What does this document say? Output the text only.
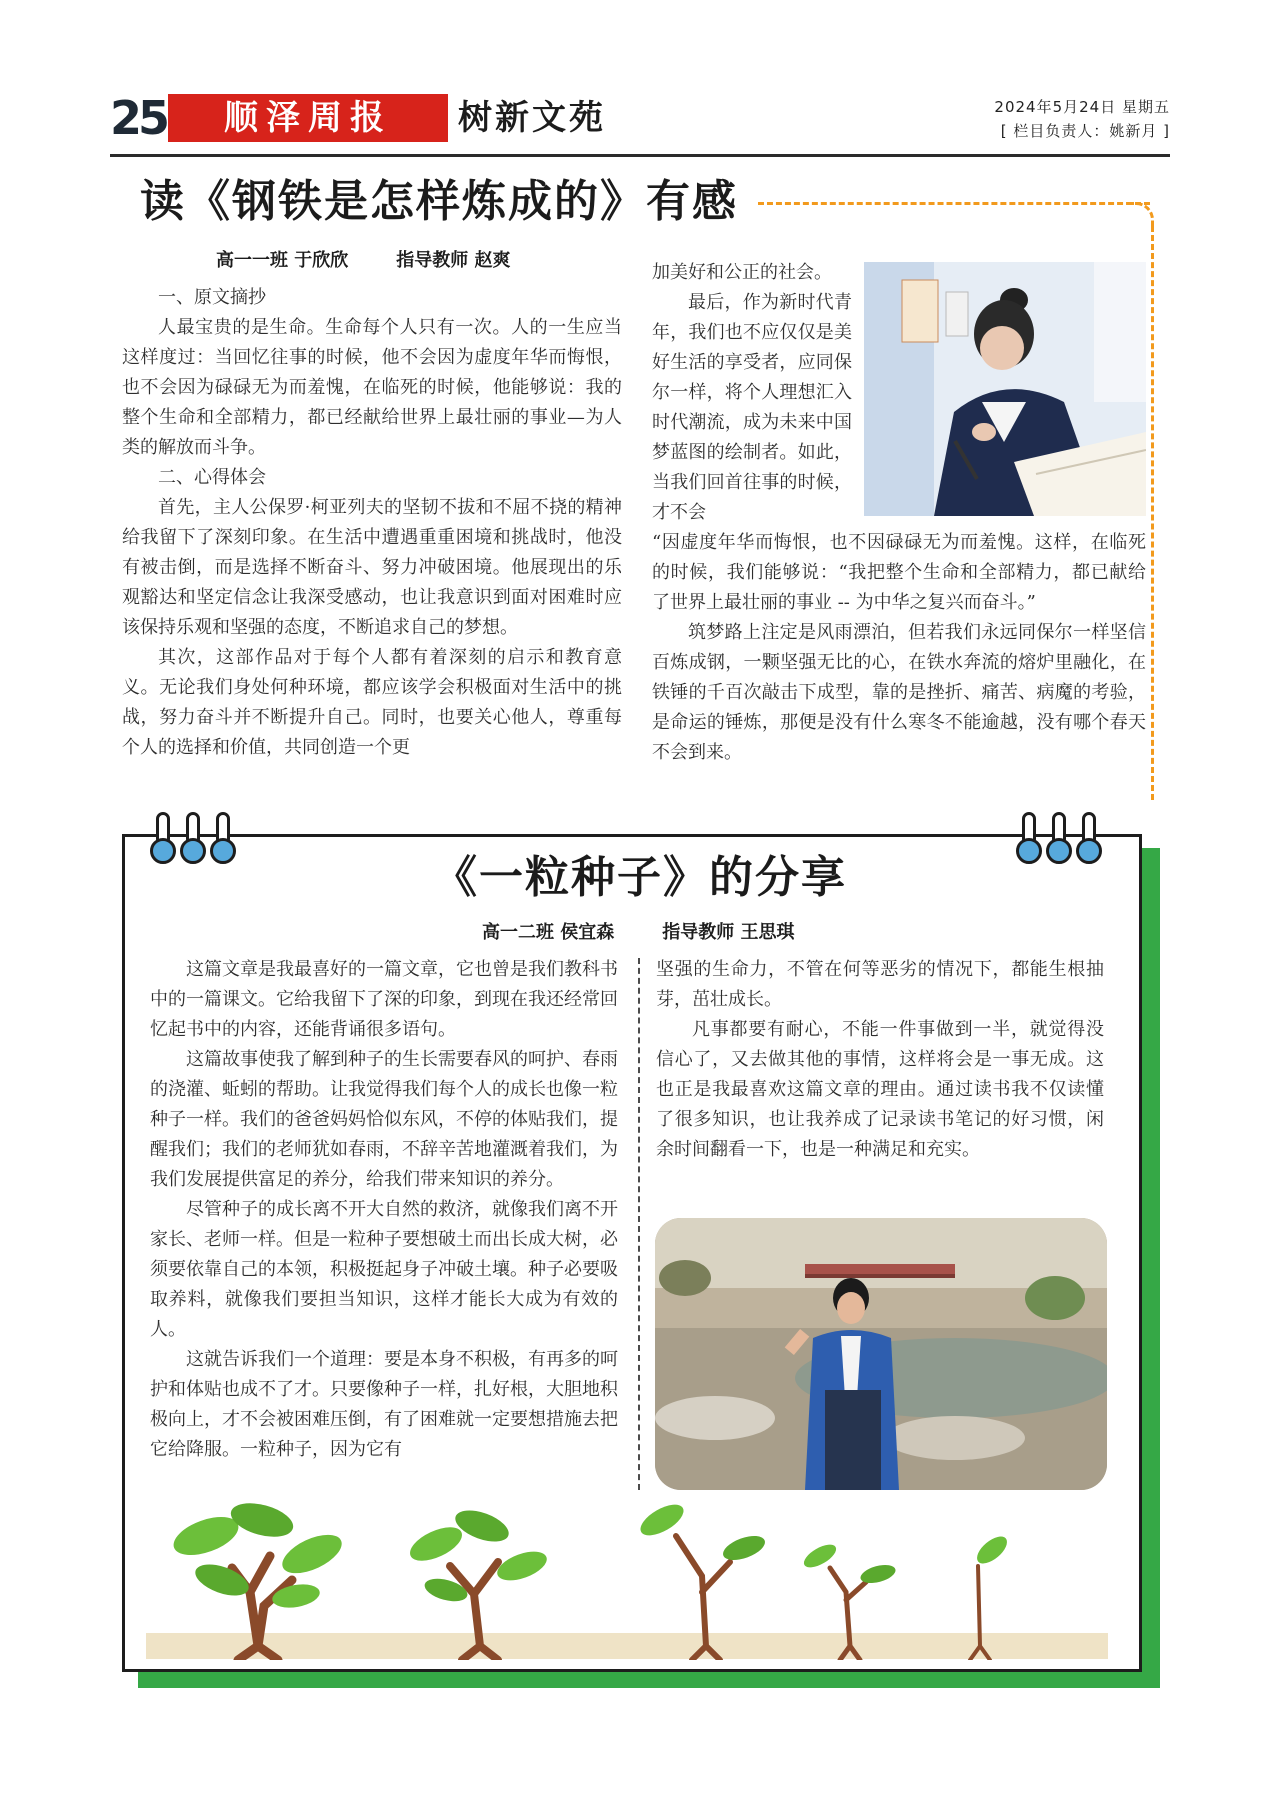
25	顺泽周报	树新文苑	2024年5月24日 星期五
[ 栏目负责人：姚新月 ]
读《钢铁是怎样炼成的》有感
高一一班 于欣欣	指导教师 赵爽

一、原文摘抄

人最宝贵的是生命。生命每个人只有一次。人的一生应当这样度过：当回忆往事的时候，他不会因为虚度年华而悔恨，也不会因为碌碌无为而羞愧，在临死的时候，他能够说：我的整个生命和全部精力，都已经献给世界上最壮丽的事业—为人类的解放而斗争。

二、心得体会

首先，主人公保罗·柯亚列夫的坚韧不拔和不屈不挠的精神给我留下了深刻印象。在生活中遭遇重重困境和挑战时，他没有被击倒，而是选择不断奋斗、努力冲破困境。他展现出的乐观豁达和坚定信念让我深受感动，也让我意识到面对困难时应该保持乐观和坚强的态度，不断追求自己的梦想。

其次，这部作品对于每个人都有着深刻的启示和教育意义。无论我们身处何种环境，都应该学会积极面对生活中的挑战，努力奋斗并不断提升自己。同时，也要关心他人，尊重每个人的选择和价值，共同创造一个更

加美好和公正的社会。

最后，作为新时代青年，我们也不应仅仅是美好生活的享受者，应同保尔一样，将个人理想汇入时代潮流，成为未来中国梦蓝图的绘制者。如此，当我们回首往事的时候，才不会

“因虚度年华而悔恨，也不因碌碌无为而羞愧。这样，在临死的时候，我们能够说：“我把整个生命和全部精力，都已献给了世界上最壮丽的事业 -- 为中华之复兴而奋斗。”

筑梦路上注定是风雨漂泊，但若我们永远同保尔一样坚信百炼成钢，一颗坚强无比的心，在铁水奔流的熔炉里融化，在铁锤的千百次敲击下成型，靠的是挫折、痛苦、病魔的考验，是命运的锤炼，那便是没有什么寒冬不能逾越，没有哪个春天不会到来。

《一粒种子》的分享
高一二班 侯宜森	指导教师 王思琪

这篇文章是我最喜好的一篇文章，它也曾是我们教科书中的一篇课文。它给我留下了深的印象，到现在我还经常回忆起书中的内容，还能背诵很多语句。

这篇故事使我了解到种子的生长需要春风的呵护、春雨的浇灌、蚯蚓的帮助。让我觉得我们每个人的成长也像一粒种子一样。我们的爸爸妈妈恰似东风，不停的体贴我们，提醒我们；我们的老师犹如春雨，不辞辛苦地灌溉着我们，为我们发展提供富足的养分，给我们带来知识的养分。

尽管种子的成长离不开大自然的救济，就像我们离不开家长、老师一样。但是一粒种子要想破土而出长成大树，必须要依靠自己的本领，积极挺起身子冲破土壤。种子必要吸取养料，就像我们要担当知识，这样才能长大成为有效的人。

这就告诉我们一个道理：要是本身不积极，有再多的呵护和体贴也成不了才。只要像种子一样，扎好根，大胆地积极向上，才不会被困难压倒，有了困难就一定要想措施去把它给降服。一粒种子，因为它有

坚强的生命力，不管在何等恶劣的情况下，都能生根抽芽，茁壮成长。

凡事都要有耐心，不能一件事做到一半，就觉得没信心了，又去做其他的事情，这样将会是一事无成。这也正是我最喜欢这篇文章的理由。通过读书我不仅读懂了很多知识，也让我养成了记录读书笔记的好习惯，闲余时间翻看一下，也是一种满足和充实。
